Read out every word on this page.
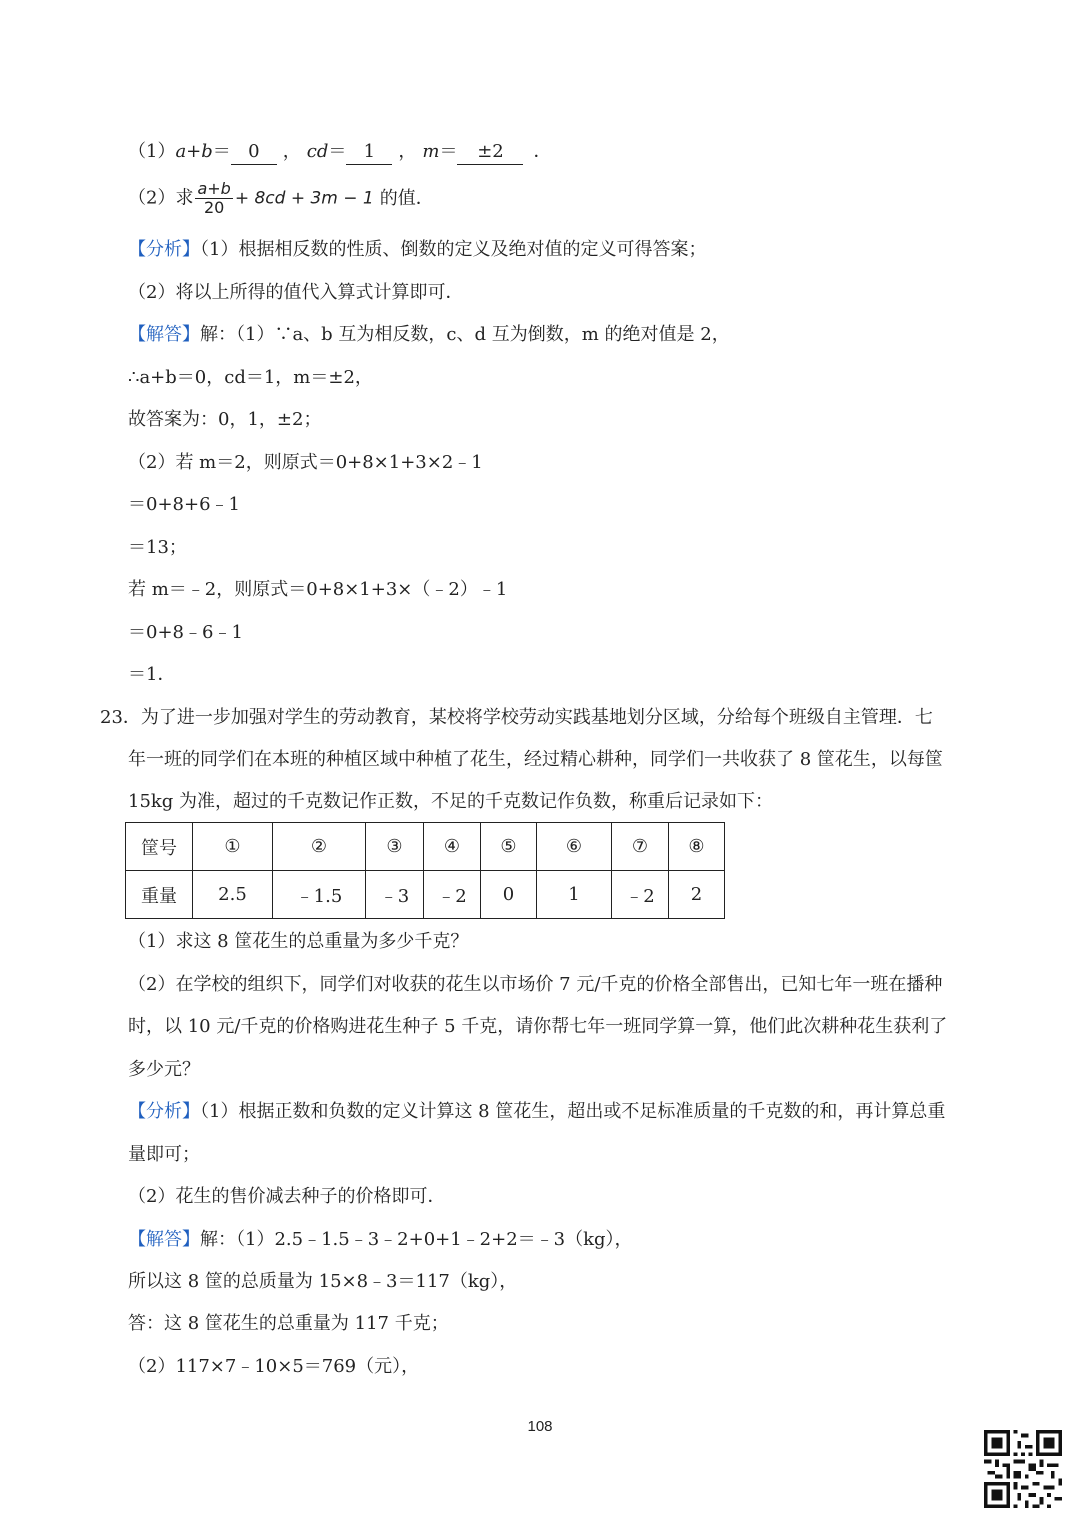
（1）a+b＝ 0 ， cd＝ 1 ， m＝ ±2 ．
（2）求 $\frac{a+b}{20} + 8cd + 3m - 1$ 的值．
【分析】（1）根据相反数的性质、倒数的定义及绝对值的定义可得答案；
（2）将以上所得的值代入算式计算即可．
【解答】解：（1）∵a、b 互为相反数，c、d 互为倒数，m 的绝对值是 2，
∴a+b＝0，cd＝1，m＝±2，
故答案为：0，1，±2；
（2）若 m＝2，则原式＝0+8×1+3×2﹣1
＝0+8+6﹣1
＝13；
若 m＝﹣2，则原式＝0+8×1+3×（﹣2）﹣1
＝0+8﹣6﹣1
＝1．
23．为了进一步加强对学生的劳动教育，某校将学校劳动实践基地划分区域，分给每个班级自主管理．七
年一班的同学们在本班的种植区域中种植了花生，经过精心耕种，同学们一共收获了 8 筐花生，以每筐
15kg 为准，超过的千克数记作正数，不足的千克数记作负数，称重后记录如下：
筐号	①	②	③	④	⑤	⑥	⑦	⑧
重量	2.5	﹣1.5	﹣3	﹣2	0	1	﹣2	2
（1）求这 8 筐花生的总重量为多少千克？
（2）在学校的组织下，同学们对收获的花生以市场价 7 元/千克的价格全部售出，已知七年一班在播种
时，以 10 元/千克的价格购进花生种子 5 千克，请你帮七年一班同学算一算，他们此次耕种花生获利了
多少元？
【分析】（1）根据正数和负数的定义计算这 8 筐花生，超出或不足标准质量的千克数的和，再计算总重
量即可；
（2）花生的售价减去种子的价格即可．
【解答】解：（1）2.5﹣1.5﹣3﹣2+0+1﹣2+2＝﹣3（kg），
所以这 8 筐的总质量为 15×8﹣3＝117（kg），
答：这 8 筐花生的总重量为 117 千克；
（2）117×7﹣10×5＝769（元），
108
